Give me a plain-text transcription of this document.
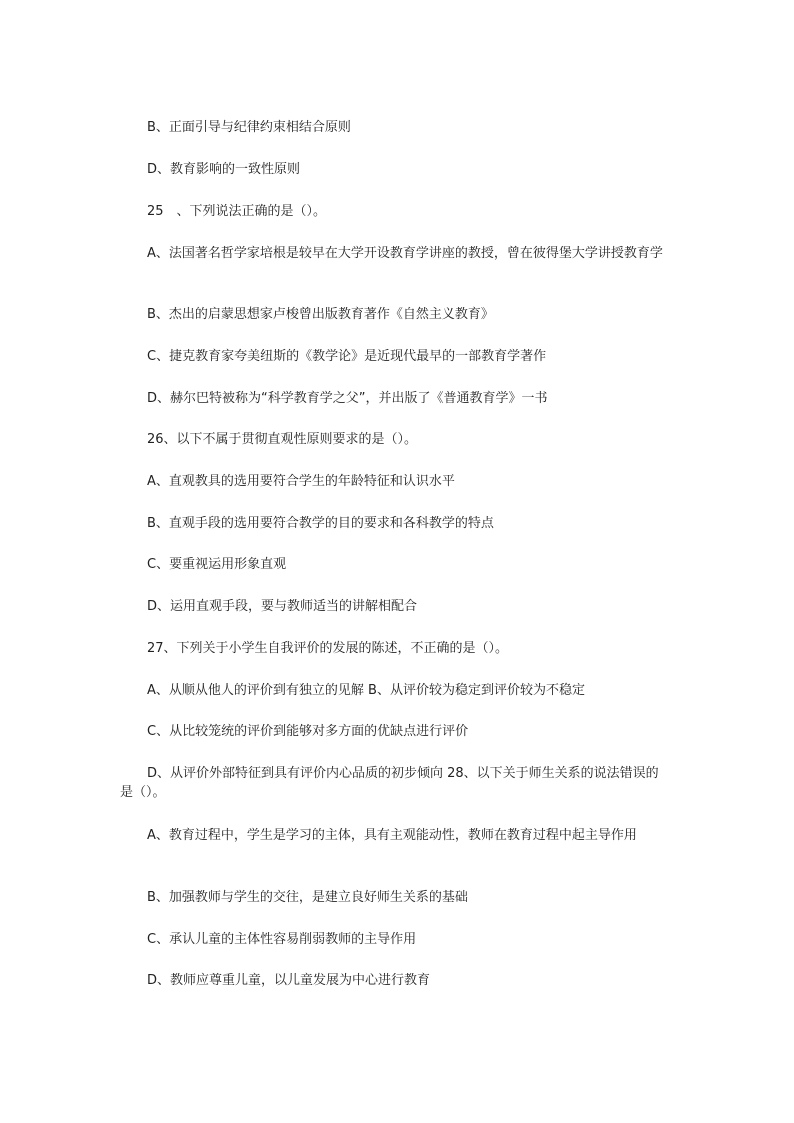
B、正面引导与纪律约束相结合原则

D、教育影响的一致性原则

25　、下列说法正确的是（）。

A、法国著名哲学家培根是较早在大学开设教育学讲座的教授，曾在彼得堡大学讲授教育学

B、杰出的启蒙思想家卢梭曾出版教育著作《自然主义教育》

C、捷克教育家夸美纽斯的《教学论》是近现代最早的一部教育学著作

D、赫尔巴特被称为“科学教育学之父”，并出版了《普通教育学》一书

26、以下不属于贯彻直观性原则要求的是（）。

A、直观教具的选用要符合学生的年龄特征和认识水平

B、直观手段的选用要符合教学的目的要求和各科教学的特点

C、要重视运用形象直观

D、运用直观手段，要与教师适当的讲解相配合

27、下列关于小学生自我评价的发展的陈述，不正确的是（）。

A、从顺从他人的评价到有独立的见解 B、从评价较为稳定到评价较为不稳定

C、从比较笼统的评价到能够对多方面的优缺点进行评价

D、从评价外部特征到具有评价内心品质的初步倾向 28、以下关于师生关系的说法错误的是（）。

A、教育过程中，学生是学习的主体，具有主观能动性，教师在教育过程中起主导作用

B、加强教师与学生的交往，是建立良好师生关系的基础

C、承认儿童的主体性容易削弱教师的主导作用

D、教师应尊重儿童，以儿童发展为中心进行教育
